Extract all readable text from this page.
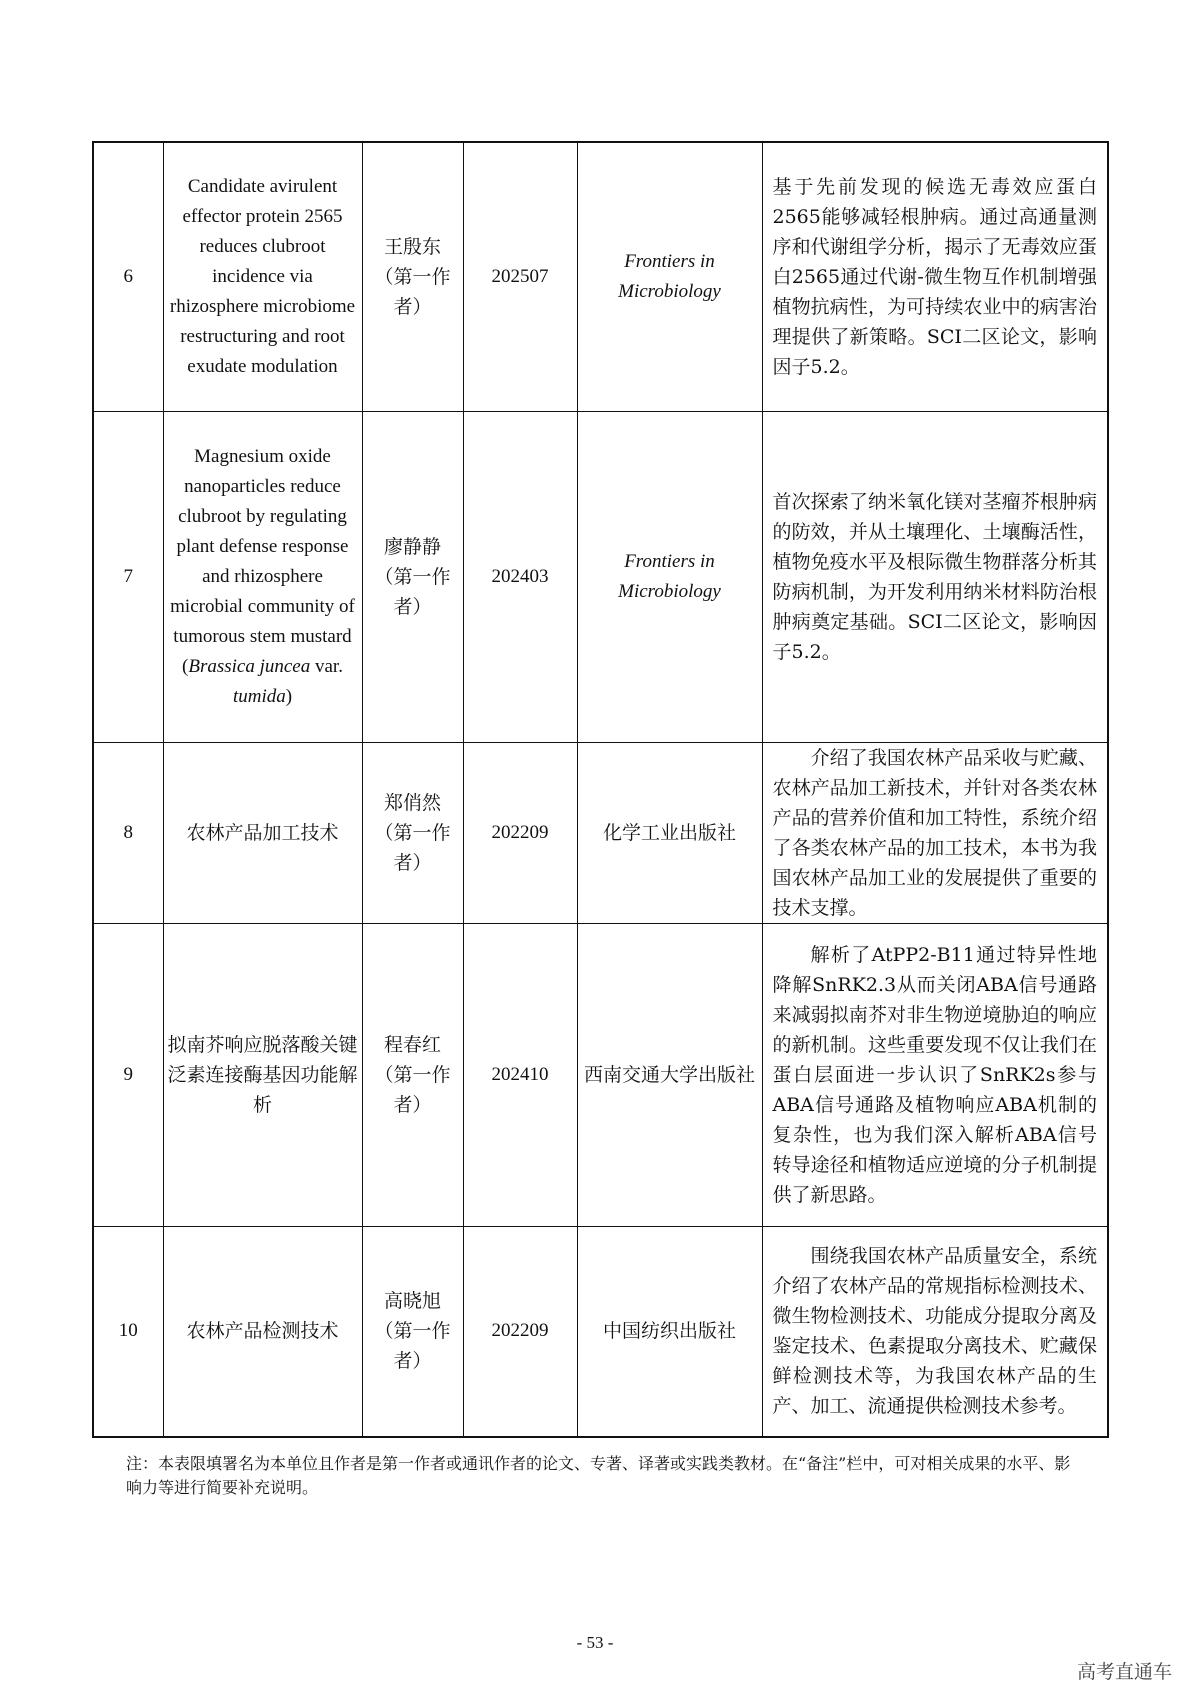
6	Candidate avirulent effector protein 2565 reduces clubroot incidence via rhizosphere microbiome restructuring and root exudate modulation	王殷东（第一作者）	202507	Frontiers in Microbiology	基于先前发现的候选无毒效应蛋白2565能够减轻根肿病。通过高通量测序和代谢组学分析，揭示了无毒效应蛋白2565通过代谢-微生物互作机制增强植物抗病性，为可持续农业中的病害治理提供了新策略。SCI二区论文，影响因子5.2。
7	Magnesium oxide nanoparticles reduce clubroot by regulating plant defense response and rhizosphere microbial community of tumorous stem mustard (Brassica juncea var. tumida)	廖静静（第一作者）	202403	Frontiers in Microbiology	首次探索了纳米氧化镁对茎瘤芥根肿病的防效，并从土壤理化、土壤酶活性，植物免疫水平及根际微生物群落分析其防病机制，为开发利用纳米材料防治根肿病奠定基础。SCI二区论文，影响因子5.2。
8	农林产品加工技术	郑俏然（第一作者）	202209	化学工业出版社	介绍了我国农林产品采收与贮藏、农林产品加工新技术，并针对各类农林产品的营养价值和加工特性，系统介绍了各类农林产品的加工技术，本书为我国农林产品加工业的发展提供了重要的技术支撑。
9	拟南芥响应脱落酸关键泛素连接酶基因功能解析	程春红（第一作者）	202410	西南交通大学出版社	解析了AtPP2-B11通过特异性地降解SnRK2.3从而关闭ABA信号通路来减弱拟南芥对非生物逆境胁迫的响应的新机制。这些重要发现不仅让我们在蛋白层面进一步认识了SnRK2s参与ABA信号通路及植物响应ABA机制的复杂性，也为我们深入解析ABA信号转导途径和植物适应逆境的分子机制提供了新思路。
10	农林产品检测技术	高晓旭（第一作者）	202209	中国纺织出版社	围绕我国农林产品质量安全，系统介绍了农林产品的常规指标检测技术、微生物检测技术、功能成分提取分离及鉴定技术、色素提取分离技术、贮藏保鲜检测技术等，为我国农林产品的生产、加工、流通提供检测技术参考。
注：本表限填署名为本单位且作者是第一作者或通讯作者的论文、专著、译著或实践类教材。在“备注”栏中，可对相关成果的水平、影响力等进行简要补充说明。
- 53 -
高考直通车
